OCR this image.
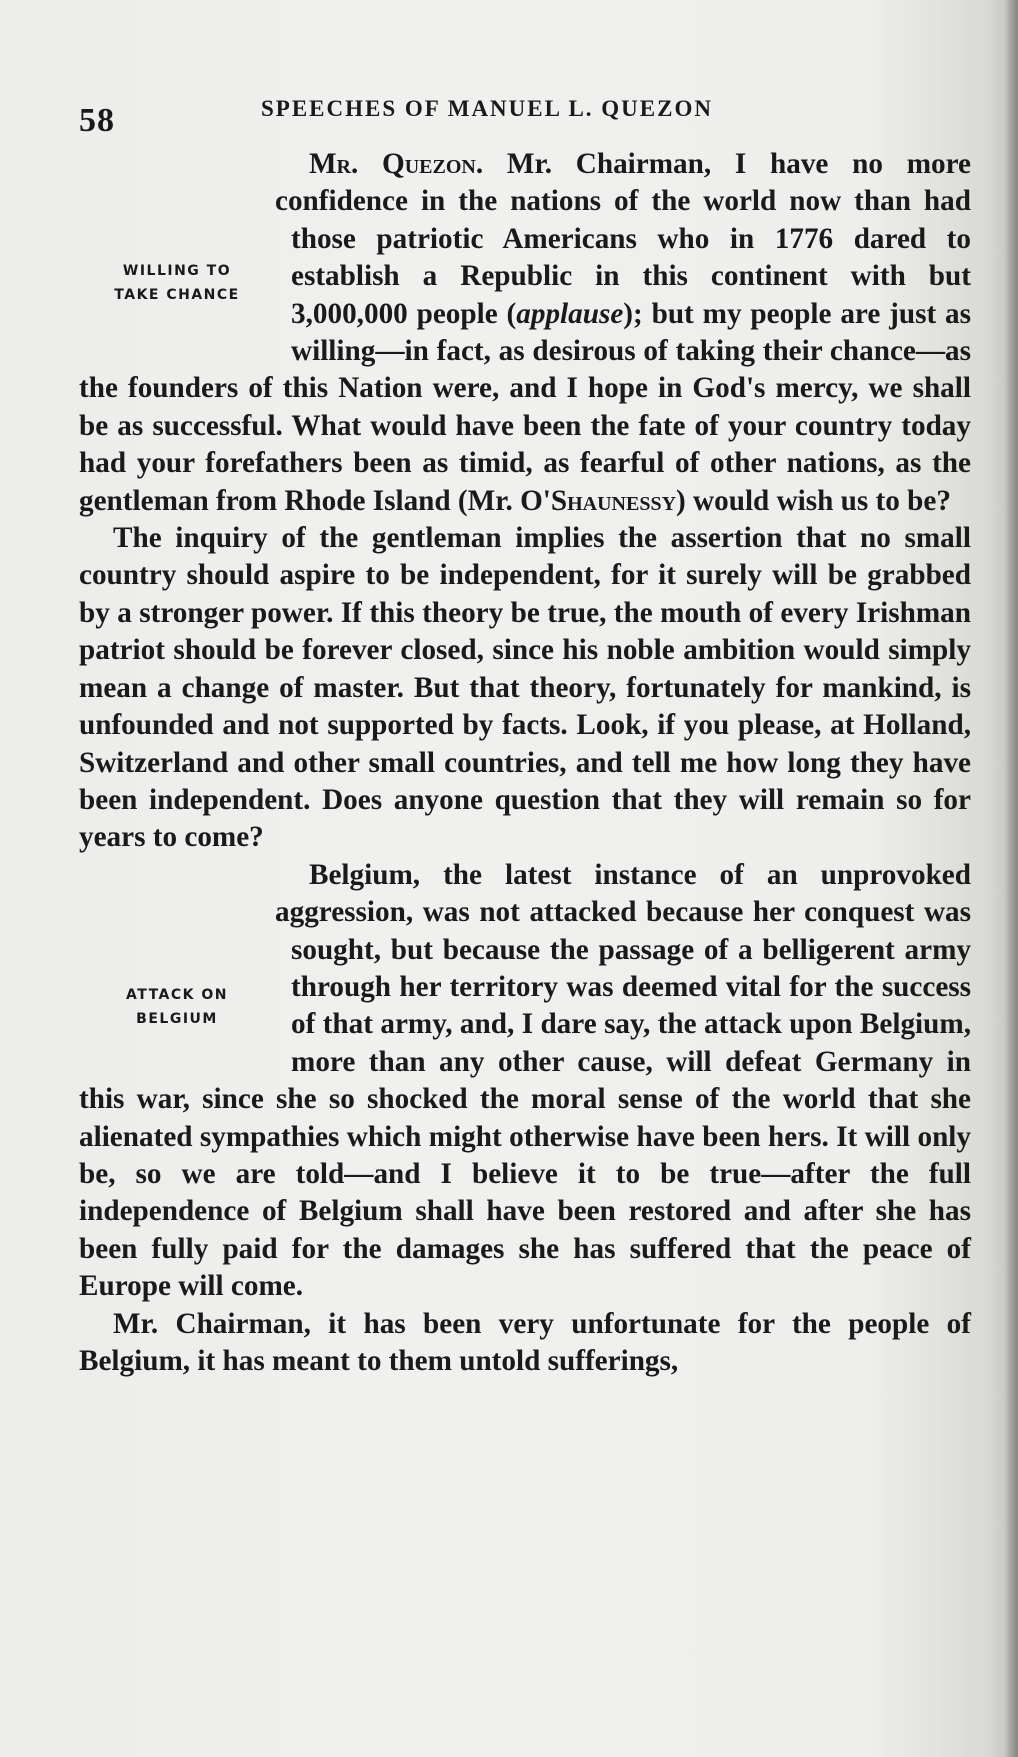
58	SPEECHES OF MANUEL L. QUEZON
WILLING TO
TAKE CHANCE

Mr. Quezon. Mr. Chairman, I have no more confidence in the nations of the world now than had those patriotic Americans who in 1776 dared to establish a Republic in this continent with but 3,000,000 people (applause); but my people are just as willing—in fact, as desirous of taking their chance—as the founders of this Nation were, and I hope in God's mercy, we shall be as successful. What would have been the fate of your country today had your forefathers been as timid, as fearful of other nations, as the gentleman from Rhode Island (Mr. O'Shaunessy) would wish us to be?

The inquiry of the gentleman implies the assertion that no small country should aspire to be independent, for it surely will be grabbed by a stronger power. If this theory be true, the mouth of every Irishman patriot should be forever closed, since his noble ambition would simply mean a change of master. But that theory, fortunately for mankind, is unfounded and not supported by facts. Look, if you please, at Holland, Switzerland and other small countries, and tell me how long they have been independent. Does anyone question that they will remain so for years to come?

ATTACK ON
BELGIUM

Belgium, the latest instance of an unprovoked aggression, was not attacked because her conquest was sought, but because the passage of a belligerent army through her territory was deemed vital for the success of that army, and, I dare say, the attack upon Belgium, more than any other cause, will defeat Germany in this war, since she so shocked the moral sense of the world that she alienated sympathies which might otherwise have been hers. It will only be, so we are told—and I believe it to be true—after the full independence of Belgium shall have been restored and after she has been fully paid for the damages she has suffered that the peace of Europe will come.

Mr. Chairman, it has been very unfortunate for the people of Belgium, it has meant to them untold sufferings,
